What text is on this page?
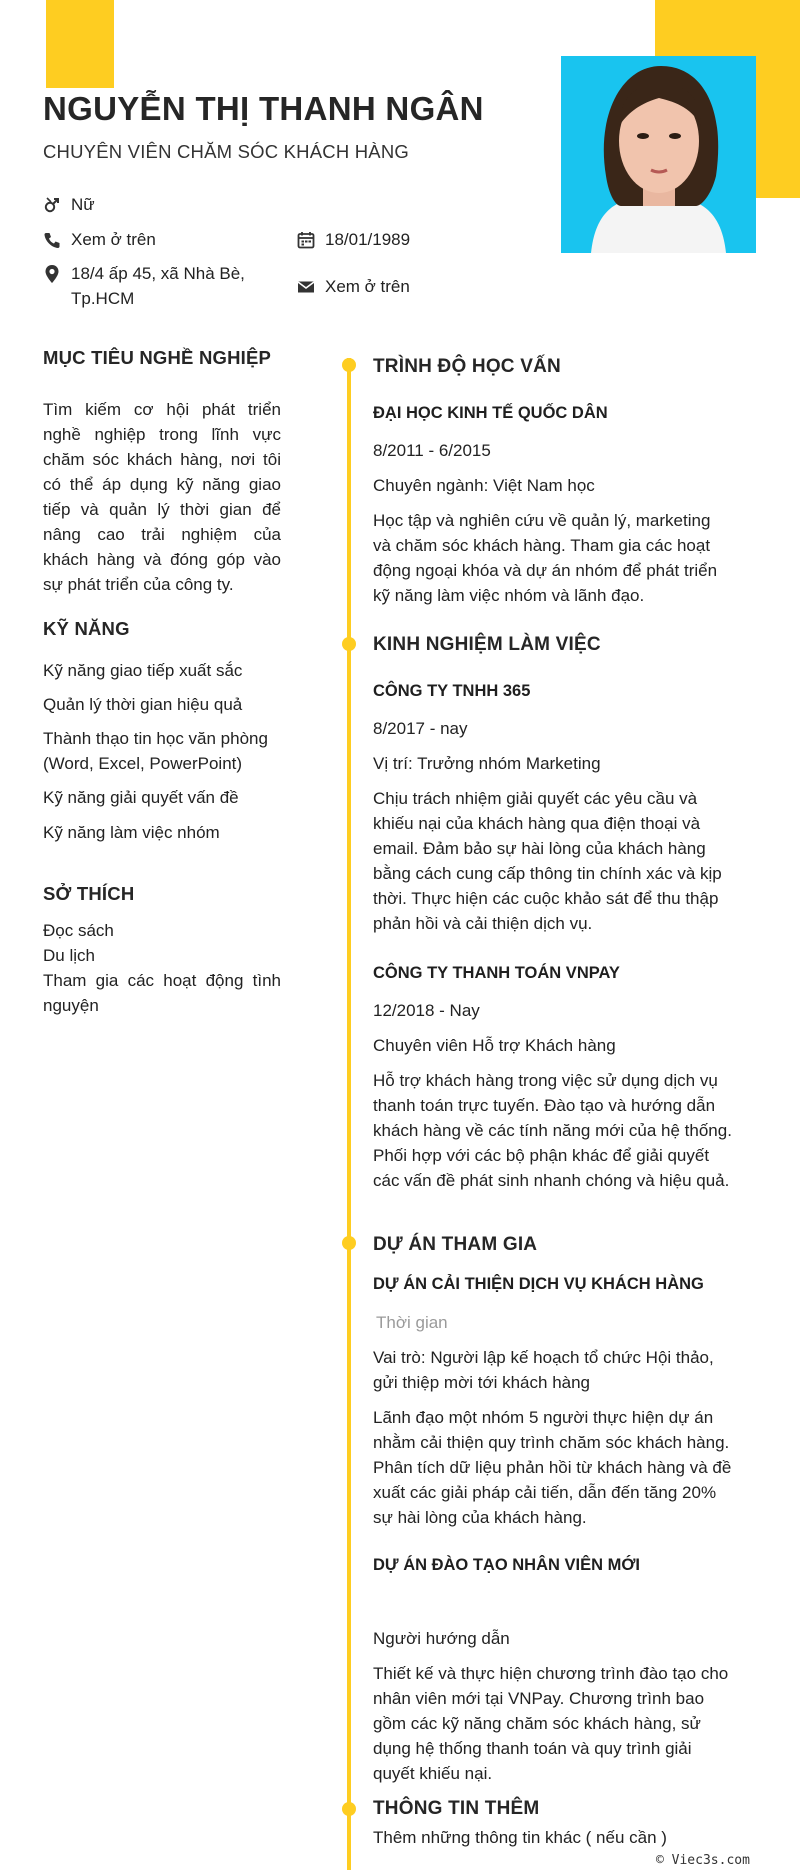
NGUYỄN THỊ THANH NGÂN
CHUYÊN VIÊN CHĂM SÓC KHÁCH HÀNG
Nữ
Xem ở trên	18/01/1989
18/4 ấp 45, xã Nhà Bè, Tp.HCM
Xem ở trên
MỤC TIÊU NGHỀ NGHIỆP
Tìm kiếm cơ hội phát triển nghề nghiệp trong lĩnh vực chăm sóc khách hàng, nơi tôi có thể áp dụng kỹ năng giao tiếp và quản lý thời gian để nâng cao trải nghiệm của khách hàng và đóng góp vào sự phát triển của công ty.
KỸ NĂNG
Kỹ năng giao tiếp xuất sắc
Quản lý thời gian hiệu quả
Thành thạo tin học văn phòng (Word, Excel, PowerPoint)
Kỹ năng giải quyết vấn đề
Kỹ năng làm việc nhóm
SỞ THÍCH
Đọc sách
Du lịch
Tham gia các hoạt động tình nguyện
TRÌNH ĐỘ HỌC VẤN
ĐẠI HỌC KINH TẾ QUỐC DÂN
8/2011 - 6/2015
Chuyên ngành: Việt Nam học
Học tập và nghiên cứu về quản lý, marketing và chăm sóc khách hàng. Tham gia các hoạt động ngoại khóa và dự án nhóm để phát triển kỹ năng làm việc nhóm và lãnh đạo.
KINH NGHIỆM LÀM VIỆC
CÔNG TY TNHH 365
8/2017 - nay
Vị trí: Trưởng nhóm Marketing
Chịu trách nhiệm giải quyết các yêu cầu và khiếu nại của khách hàng qua điện thoại và email. Đảm bảo sự hài lòng của khách hàng bằng cách cung cấp thông tin chính xác và kịp thời. Thực hiện các cuộc khảo sát để thu thập phản hồi và cải thiện dịch vụ.
CÔNG TY THANH TOÁN VNPAY
12/2018 - Nay
Chuyên viên Hỗ trợ Khách hàng
Hỗ trợ khách hàng trong việc sử dụng dịch vụ thanh toán trực tuyến. Đào tạo và hướng dẫn khách hàng về các tính năng mới của hệ thống. Phối hợp với các bộ phận khác để giải quyết các vấn đề phát sinh nhanh chóng và hiệu quả.
DỰ ÁN THAM GIA
DỰ ÁN CẢI THIỆN DỊCH VỤ KHÁCH HÀNG
Thời gian
Vai trò: Người lập kế hoạch tổ chức Hội thảo, gửi thiệp mời tới khách hàng
Lãnh đạo một nhóm 5 người thực hiện dự án nhằm cải thiện quy trình chăm sóc khách hàng. Phân tích dữ liệu phản hồi từ khách hàng và đề xuất các giải pháp cải tiến, dẫn đến tăng 20% sự hài lòng của khách hàng.
DỰ ÁN ĐÀO TẠO NHÂN VIÊN MỚI
Người hướng dẫn
Thiết kế và thực hiện chương trình đào tạo cho nhân viên mới tại VNPay. Chương trình bao gồm các kỹ năng chăm sóc khách hàng, sử dụng hệ thống thanh toán và quy trình giải quyết khiếu nại.
THÔNG TIN THÊM
Thêm những thông tin khác ( nếu cần )
© Viec3s.com
